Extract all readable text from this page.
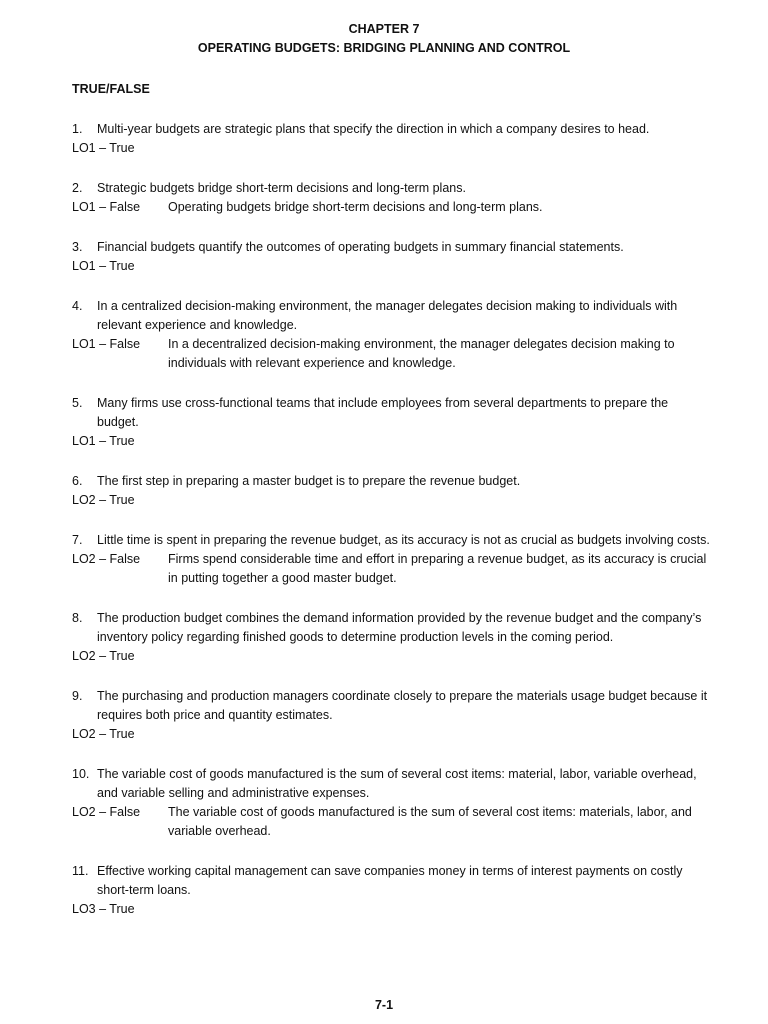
CHAPTER 7
OPERATING BUDGETS: BRIDGING PLANNING AND CONTROL
TRUE/FALSE
1.	Multi-year budgets are strategic plans that specify the direction in which a company desires to head.
LO1 – True
2.	Strategic budgets bridge short-term decisions and long-term plans.
LO1 – False	Operating budgets bridge short-term decisions and long-term plans.
3.	Financial budgets quantify the outcomes of operating budgets in summary financial statements.
LO1 – True
4.	In a centralized decision-making environment, the manager delegates decision making to individuals with relevant experience and knowledge.
LO1 – False	In a decentralized decision-making environment, the manager delegates decision making to individuals with relevant experience and knowledge.
5.	Many firms use cross-functional teams that include employees from several departments to prepare the budget.
LO1 – True
6.	The first step in preparing a master budget is to prepare the revenue budget.
LO2 – True
7.	Little time is spent in preparing the revenue budget, as its accuracy is not as crucial as budgets involving costs.
LO2 – False	Firms spend considerable time and effort in preparing a revenue budget, as its accuracy is crucial in putting together a good master budget.
8.	The production budget combines the demand information provided by the revenue budget and the company’s inventory policy regarding finished goods to determine production levels in the coming period.
LO2 – True
9.	The purchasing and production managers coordinate closely to prepare the materials usage budget because it requires both price and quantity estimates.
LO2 – True
10. The variable cost of goods manufactured is the sum of several cost items: material, labor, variable overhead, and variable selling and administrative expenses.
LO2 – False	The variable cost of goods manufactured is the sum of several cost items: materials, labor, and variable overhead.
11. Effective working capital management can save companies money in terms of interest payments on costly short-term loans.
LO3 – True
7-1
